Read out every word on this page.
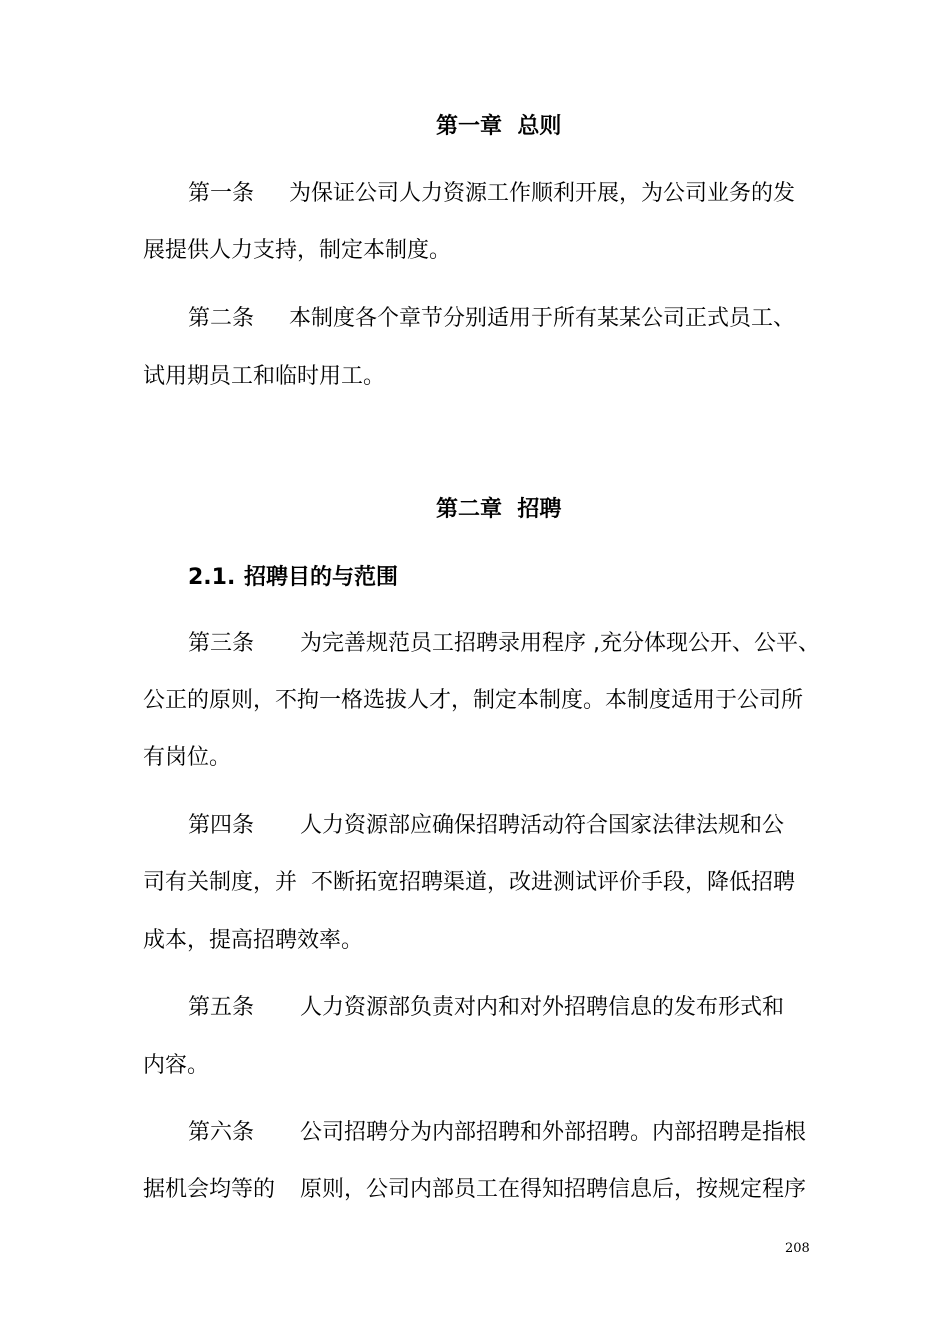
第一章  总则
第一条 为保证公司人力资源工作顺利开展，为公司业务的发
展提供人力支持，制定本制度。
第二条 本制度各个章节分别适用于所有某某公司正式员工、
试用期员工和临时用工。
第二章  招聘
2.1. 招聘目的与范围
第三条 为完善规范员工招聘录用程序 ,充分体现公开、公平、
公正的原则，不拘一格选拔人才，制定本制度。本制度适用于公司所
有岗位。
第四条 人力资源部应确保招聘活动符合国家法律法规和公
司有关制度，并  不断拓宽招聘渠道，改进测试评价手段，降低招聘
成本，提高招聘效率。
第五条 人力资源部负责对内和对外招聘信息的发布形式和
内容。
第六条 公司招聘分为内部招聘和外部招聘。内部招聘是指根
据机会均等的 原则，公司内部员工在得知招聘信息后，按规定程序
208
